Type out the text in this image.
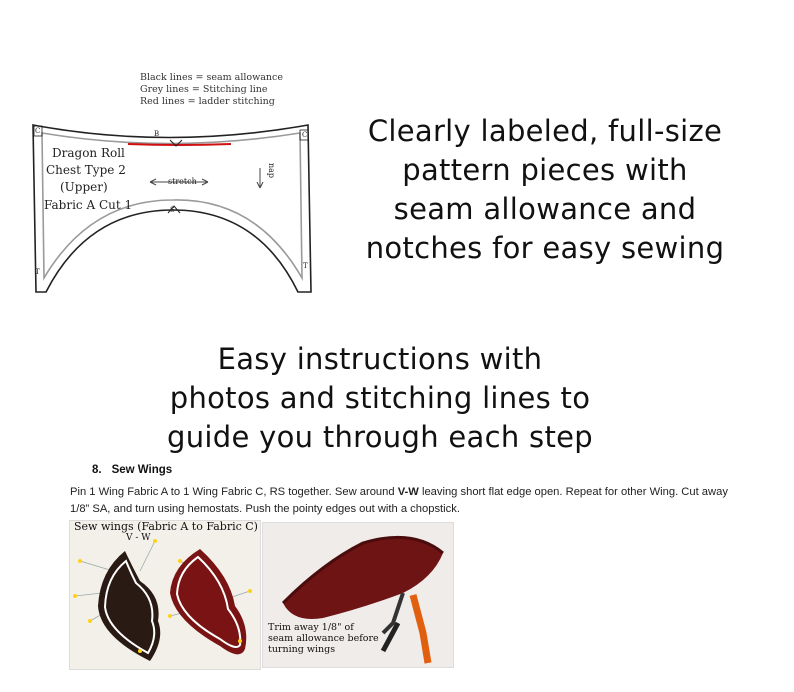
Black lines = seam allowance
Grey lines = Stitching line
Red lines = ladder stitching
B
S
C	C
T
T
Dragon Roll
Chest Type 2
(Upper)
Fabric A Cut 1
stretch
nap
Clearly labeled, full-size
pattern pieces with
seam allowance and
notches for easy sewing
Easy instructions with
photos and stitching lines to
guide you through each step
8. Sew Wings
Pin 1 Wing Fabric A to 1 Wing Fabric C, RS together. Sew around V-W leaving short flat edge open. Repeat for other Wing. Cut away 1/8” SA, and turn using hemostats. Push the pointy edges out with a chopstick.
Sew wings (Fabric A to Fabric C)
V - W
Trim away 1/8" of
seam allowance before
turning wings
